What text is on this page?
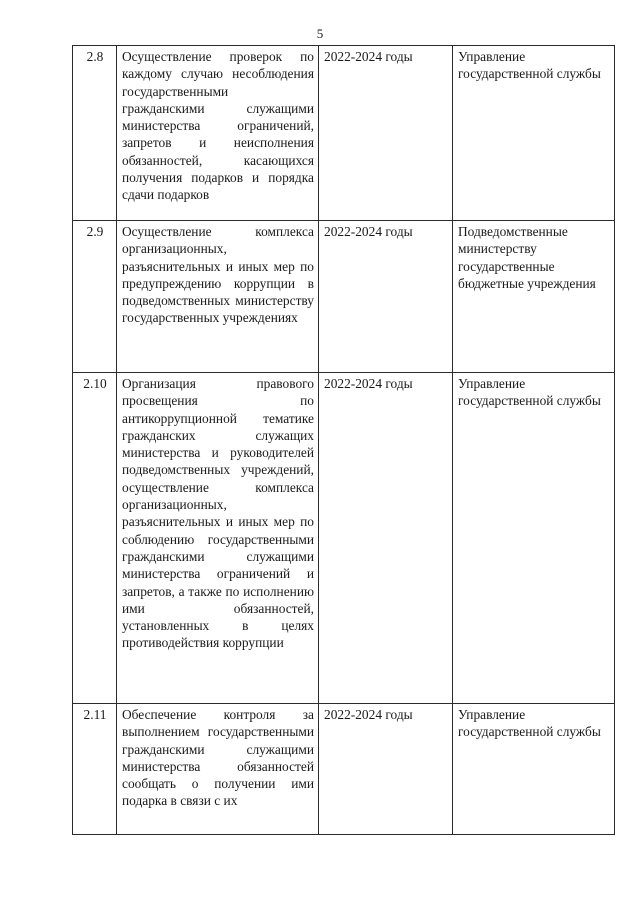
5
2.8	Осуществление проверок по каждому случаю несоблюдения государственными гражданскими служащими министерства ограничений, запретов и неисполнения обязанностей, касающихся получения подарков и порядка сдачи подарков	2022-2024 годы	Управление государственной службы
2.9	Осуществление комплекса организационных, разъяснительных и иных мер по предупреждению коррупции в подведомственных министерству государственных учреждениях	2022-2024 годы	Подведомственные министерству государственные бюджетные учреждения
2.10	Организация правового просвещения по антикоррупционной тематике гражданских служащих министерства и руководителей подведомственных учреждений, осуществление комплекса организационных, разъяснительных и иных мер по соблюдению государственными гражданскими служащими министерства ограничений и запретов, а также по исполнению ими обязанностей, установленных в целях противодействия коррупции	2022-2024 годы	Управление государственной службы
2.11	Обеспечение контроля за выполнением государственными гражданскими служащими министерства обязанностей сообщать о получении ими подарка в связи с их	2022-2024 годы	Управление государственной службы
